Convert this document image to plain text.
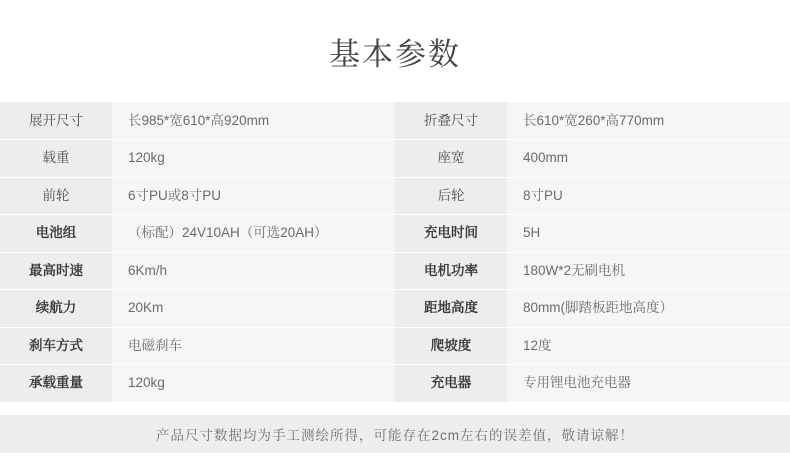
基本参数
展开尺寸	长985*宽610*高920mm	折叠尺寸	长610*宽260*高770mm
载重	120kg	座宽	400mm
前轮	6寸PU或8寸PU	后轮	8寸PU
电池组	（标配）24V10AH（可选20AH）	充电时间	5H
最高时速	6Km/h	电机功率	180W*2无刷电机
续航力	20Km	距地高度	80mm(脚踏板距地高度）
刹车方式	电磁刹车	爬坡度	12度
承载重量	120kg	充电器	专用锂电池充电器
产品尺寸数据均为手工测绘所得，可能存在2cm左右的误差值，敬请谅解！
